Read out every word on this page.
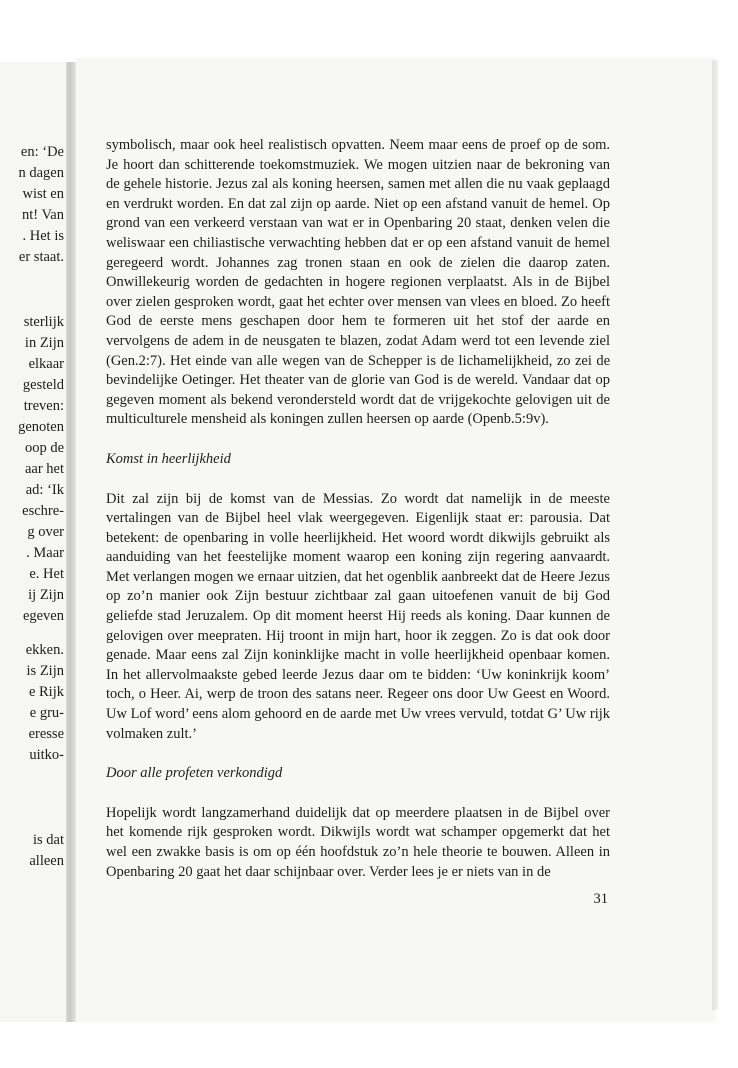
en: ‘De
n dagen
wist en
nt! Van
. Het is
er staat.
sterlijk
in Zijn
elkaar
gesteld
treven:
genoten
oop de
aar het
ad: ‘Ik
eschre-
g over
. Maar
e. Het
ij Zijn
egeven
ekken.
is Zijn
e Rijk
e gru-
eresse
uitko-
is dat
alleen

symbolisch, maar ook heel realistisch opvatten. Neem maar eens de proef op de som. Je hoort dan schitterende toekomstmuziek. We mogen uitzien naar de bekroning van de gehele historie. Jezus zal als koning heersen, samen met allen die nu vaak geplaagd en verdrukt worden. En dat zal zijn op aarde. Niet op een afstand vanuit de hemel. Op grond van een verkeerd verstaan van wat er in Openbaring 20 staat, denken velen die weliswaar een chiliastische verwachting hebben dat er op een afstand vanuit de hemel geregeerd wordt. Johannes zag tronen staan en ook de zielen die daarop zaten. Onwillekeurig worden de gedachten in hogere regionen verplaatst. Als in de Bijbel over zielen gesproken wordt, gaat het echter over mensen van vlees en bloed. Zo heeft God de eerste mens geschapen door hem te formeren uit het stof der aarde en vervolgens de adem in de neusgaten te blazen, zodat Adam werd tot een levende ziel (Gen.2:7). Het einde van alle wegen van de Schepper is de lichamelijkheid, zo zei de bevindelijke Oetinger. Het theater van de glorie van God is de wereld. Vandaar dat op gegeven moment als bekend verondersteld wordt dat de vrijgekochte gelovigen uit de multiculturele mensheid als koningen zullen heersen op aarde (Openb.5:9v).

Komst in heerlijkheid

Dit zal zijn bij de komst van de Messias. Zo wordt dat namelijk in de meeste vertalingen van de Bijbel heel vlak weergegeven. Eigenlijk staat er: parousia. Dat betekent: de openbaring in volle heerlijkheid. Het woord wordt dikwijls gebruikt als aanduiding van het feestelijke moment waarop een koning zijn regering aanvaardt. Met verlangen mogen we ernaar uitzien, dat het ogenblik aanbreekt dat de Heere Jezus op zo’n manier ook Zijn bestuur zichtbaar zal gaan uitoefenen vanuit de bij God geliefde stad Jeruzalem. Op dit moment heerst Hij reeds als koning. Daar kunnen de gelovigen over meepraten. Hij troont in mijn hart, hoor ik zeggen. Zo is dat ook door genade. Maar eens zal Zijn koninklijke macht in volle heerlijkheid openbaar komen. In het allervolmaakste gebed leerde Jezus daar om te bidden: ‘Uw koninkrijk koom’ toch, o Heer. Ai, werp de troon des satans neer. Regeer ons door Uw Geest en Woord. Uw Lof word’ eens alom gehoord en de aarde met Uw vrees vervuld, totdat G’ Uw rijk volmaken zult.’

Door alle profeten verkondigd

Hopelijk wordt langzamerhand duidelijk dat op meerdere plaatsen in de Bijbel over het komende rijk gesproken wordt. Dikwijls wordt wat schamper opgemerkt dat het wel een zwakke basis is om op één hoofdstuk zo’n hele theorie te bouwen. Alleen in Openbaring 20 gaat het daar schijnbaar over. Verder lees je er niets van in de

31
